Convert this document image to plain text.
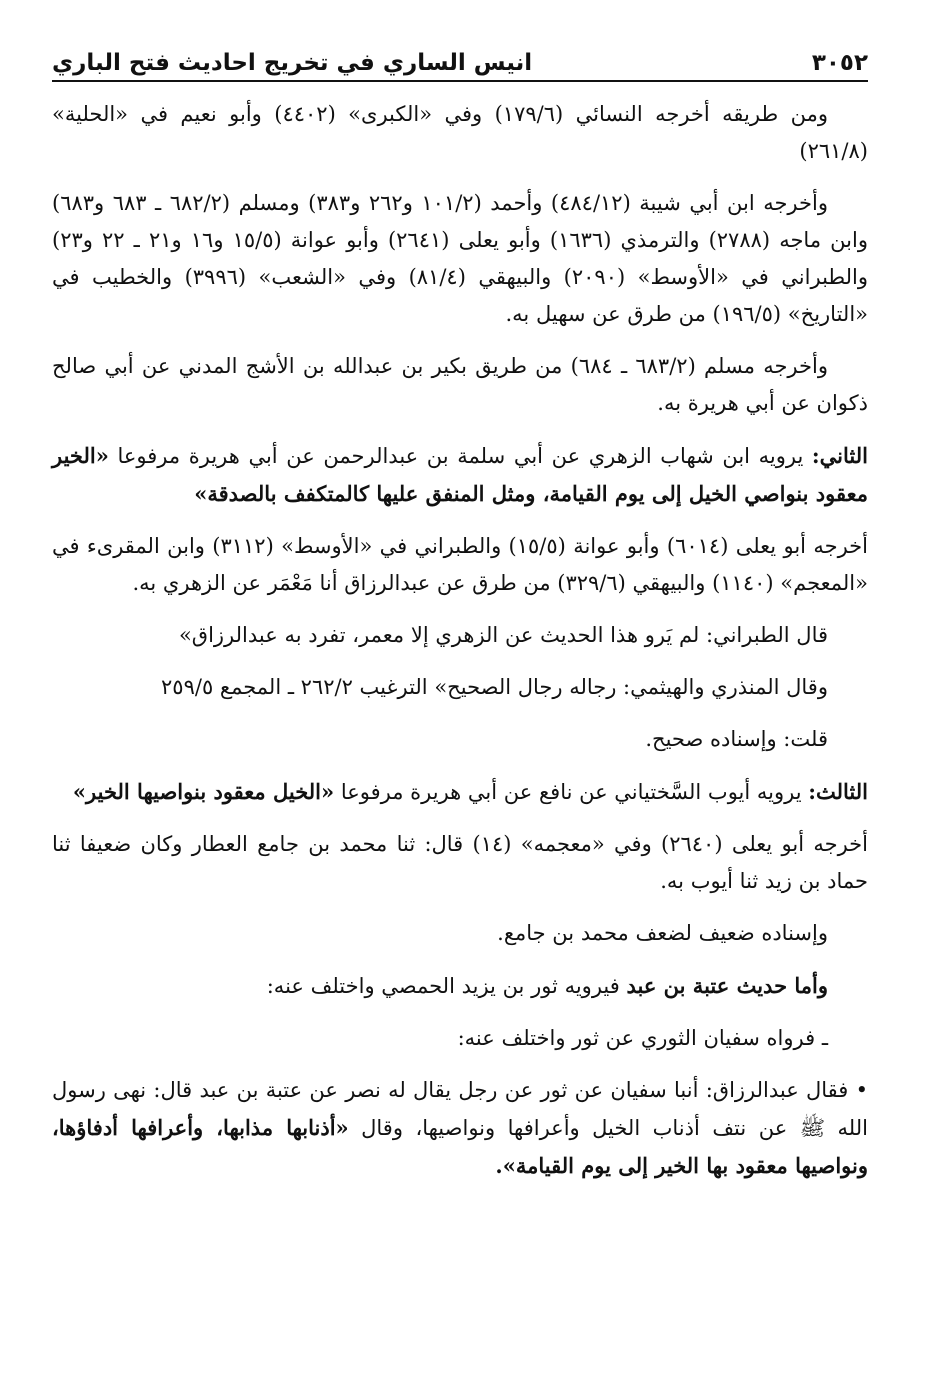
٣٠٥٢
انيس الساري في تخريج احاديث فتح الباري

ومن طريقه أخرجه النسائي (١٧٩/٦) وفي «الكبرى» (٤٤٠٢) وأبو نعيم في «الحلية» (٢٦١/٨)

وأخرجه ابن أبي شيبة (٤٨٤/١٢) وأحمد (١٠١/٢ و٢٦٢ و٣٨٣) ومسلم (٦٨٢/٢ ـ ٦٨٣ و٦٨٣) وابن ماجه (٢٧٨٨) والترمذي (١٦٣٦) وأبو يعلى (٢٦٤١) وأبو عوانة (١٥/٥ و١٦ و٢١ ـ ٢٢ و٢٣) والطبراني في «الأوسط» (٢٠٩٠) والبيهقي (٨١/٤) وفي «الشعب» (٣٩٩٦) والخطيب في «التاريخ» (١٩٦/٥) من طرق عن سهيل به.

وأخرجه مسلم (٦٨٣/٢ ـ ٦٨٤) من طريق بكير بن عبدالله بن الأشج المدني عن أبي صالح ذكوان عن أبي هريرة به.

الثاني: يرويه ابن شهاب الزهري عن أبي سلمة بن عبدالرحمن عن أبي هريرة مرفوعا «الخير معقود بنواصي الخيل إلى يوم القيامة، ومثل المنفق عليها كالمتكفف بالصدقة»

أخرجه أبو يعلى (٦٠١٤) وأبو عوانة (١٥/٥) والطبراني في «الأوسط» (٣١١٢) وابن المقرىء في «المعجم» (١١٤٠) والبيهقي (٣٢٩/٦) من طرق عن عبدالرزاق أنا مَعْمَر عن الزهري به.

قال الطبراني: لم يَرو هذا الحديث عن الزهري إلا معمر، تفرد به عبدالرزاق»

وقال المنذري والهيثمي: رجاله رجال الصحيح» الترغيب ٢٦٢/٢ ـ المجمع ٢٥٩/٥

قلت: وإسناده صحيح.

الثالث: يرويه أيوب السَّختياني عن نافع عن أبي هريرة مرفوعا «الخيل معقود بنواصيها الخير»

أخرجه أبو يعلى (٢٦٤٠) وفي «معجمه» (١٤) قال: ثنا محمد بن جامع العطار وكان ضعيفا ثنا حماد بن زيد ثنا أيوب به.

وإسناده ضعيف لضعف محمد بن جامع.

وأما حديث عتبة بن عبد فيرويه ثور بن يزيد الحمصي واختلف عنه:

ـ فرواه سفيان الثوري عن ثور واختلف عنه:

• فقال عبدالرزاق: أنبا سفيان عن ثور عن رجل يقال له نصر عن عتبة بن عبد قال: نهى رسول الله ﷺ عن نتف أذناب الخيل وأعرافها ونواصيها، وقال «أذنابها مذابها، وأعرافها أدفاؤها، ونواصيها معقود بها الخير إلى يوم القيامة».
